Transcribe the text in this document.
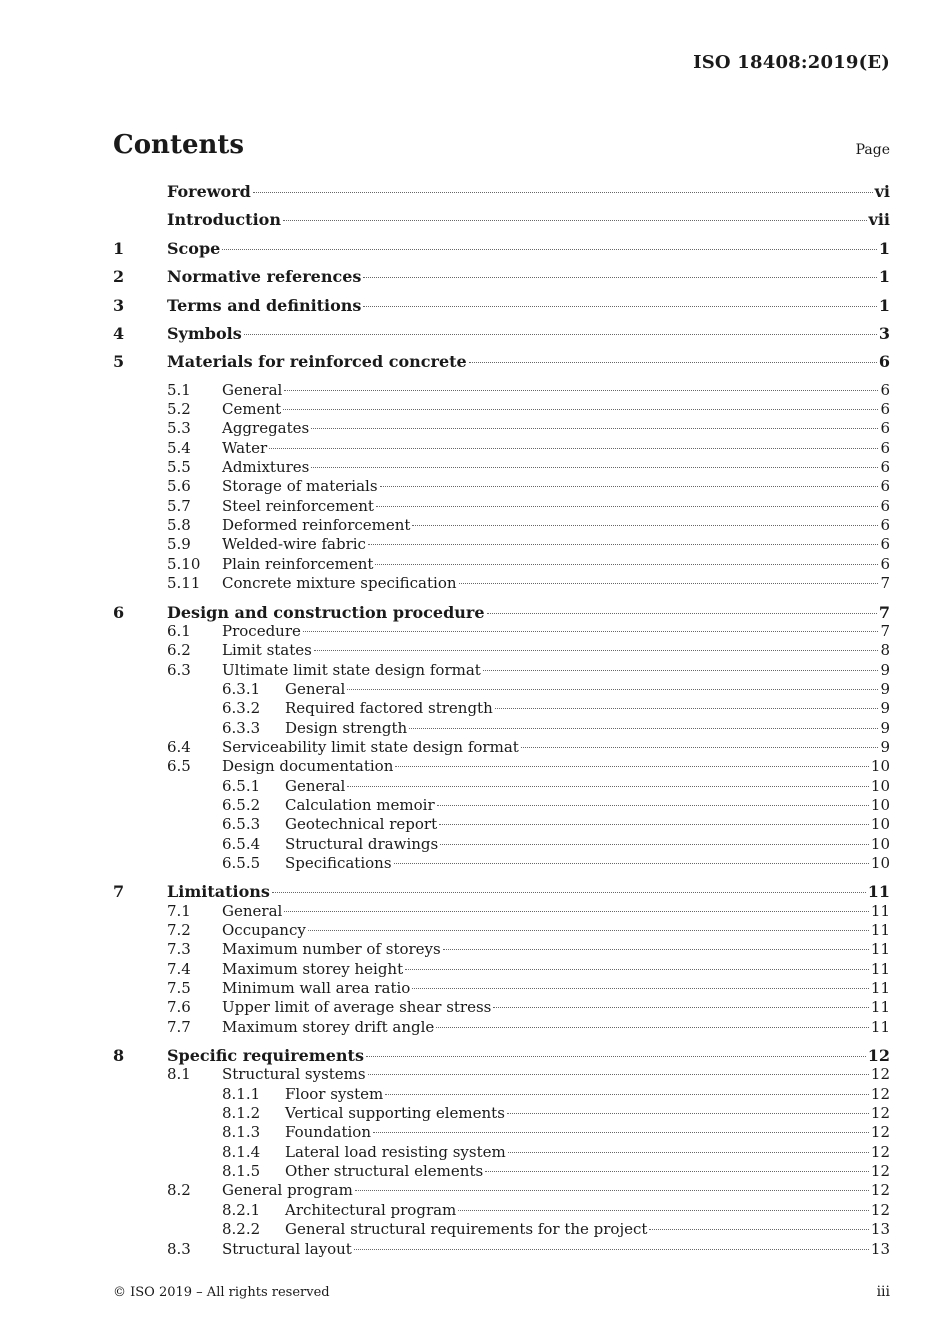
ISO 18408:2019(E)
Contents	Page
Foreword	vi
Introduction	vii
1	Scope	1
2	Normative references	1
3	Terms and definitions	1
4	Symbols	3
5	Materials for reinforced concrete	6
5.1	General	6
5.2	Cement	6
5.3	Aggregates	6
5.4	Water	6
5.5	Admixtures	6
5.6	Storage of materials	6
5.7	Steel reinforcement	6
5.8	Deformed reinforcement	6
5.9	Welded-wire fabric	6
5.10	Plain reinforcement	6
5.11	Concrete mixture specification	7
6	Design and construction procedure	7
6.1	Procedure	7
6.2	Limit states	8
6.3	Ultimate limit state design format	9
6.3.1	General	9
6.3.2	Required factored strength	9
6.3.3	Design strength	9
6.4	Serviceability limit state design format	9
6.5	Design documentation	10
6.5.1	General	10
6.5.2	Calculation memoir	10
6.5.3	Geotechnical report	10
6.5.4	Structural drawings	10
6.5.5	Specifications	10
7	Limitations	11
7.1	General	11
7.2	Occupancy	11
7.3	Maximum number of storeys	11
7.4	Maximum storey height	11
7.5	Minimum wall area ratio	11
7.6	Upper limit of average shear stress	11
7.7	Maximum storey drift angle	11
8	Specific requirements	12
8.1	Structural systems	12
8.1.1	Floor system	12
8.1.2	Vertical supporting elements	12
8.1.3	Foundation	12
8.1.4	Lateral load resisting system	12
8.1.5	Other structural elements	12
8.2	General program	12
8.2.1	Architectural program	12
8.2.2	General structural requirements for the project	13
8.3	Structural layout	13
© ISO 2019 – All rights reserved	iii
